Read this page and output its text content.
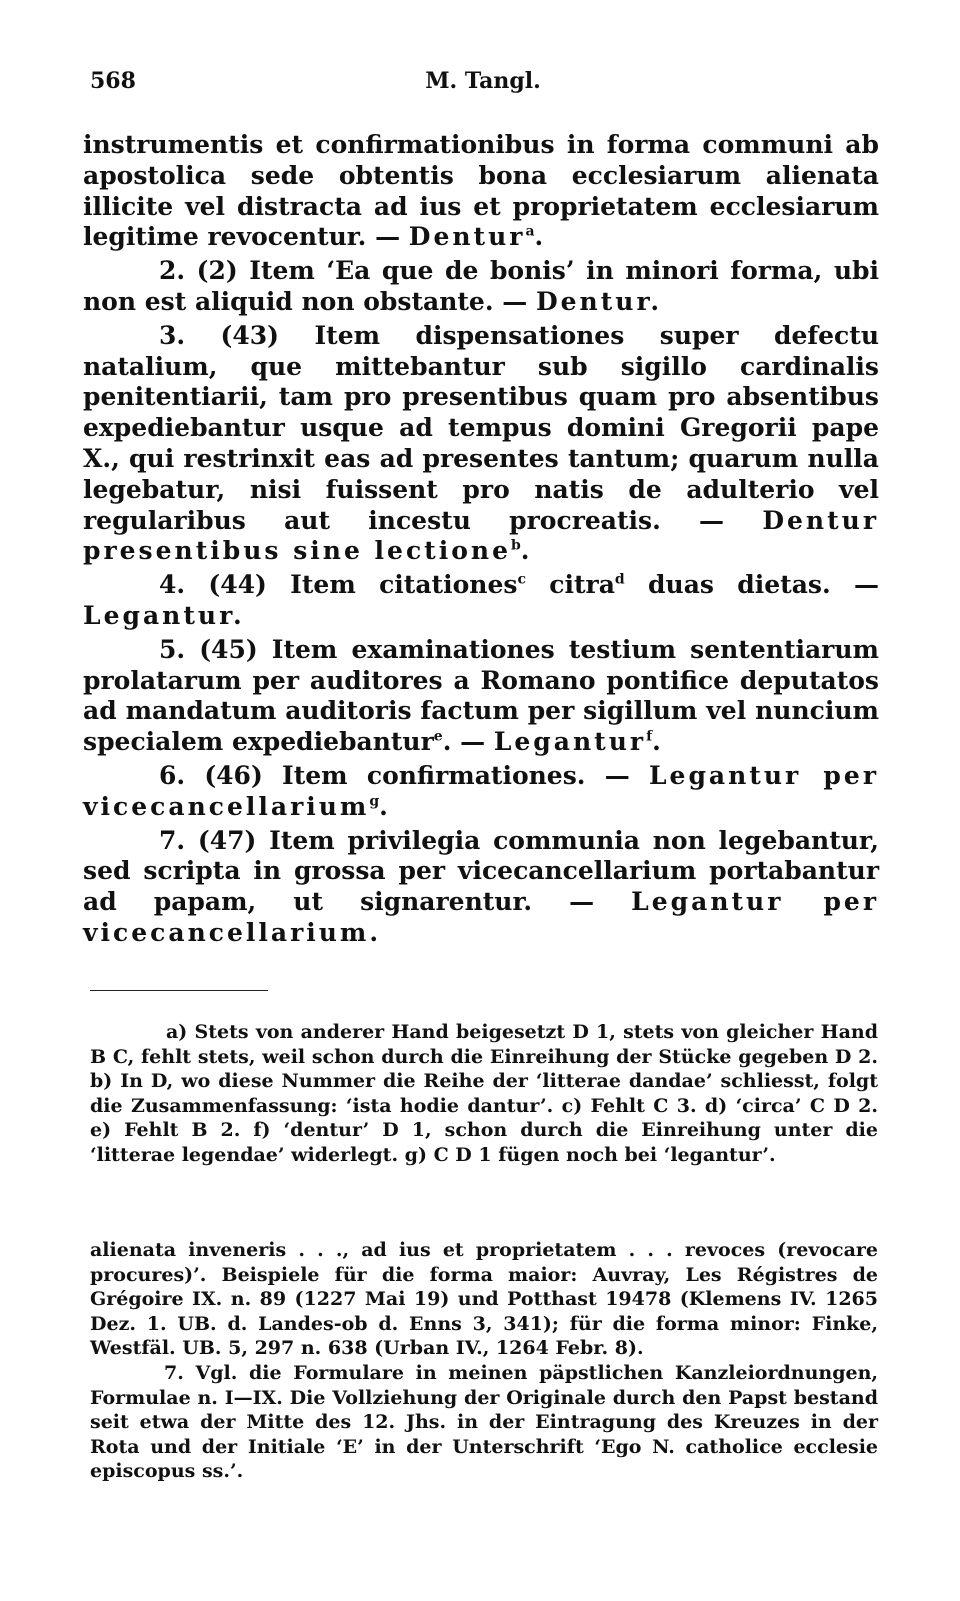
568	M. Tangl.

instrumentis et confirmationibus in forma communi ab apostolica sede obtentis bona ecclesiarum alienata illicite vel distracta ad ius et proprietatem ecclesiarum legitime revocentur. — Dentur$^a$.

2. (2) Item ‘Ea que de bonis’ in minori forma, ubi non est aliquid non obstante. — Dentur.

3. (43) Item dispensationes super defectu natalium, que mittebantur sub sigillo cardinalis penitentiarii, tam pro presentibus quam pro absentibus expediebantur usque ad tempus domini Gregorii pape X., qui restrinxit eas ad presentes tantum; quarum nulla legebatur, nisi fuissent pro natis de adulterio vel regularibus aut incestu procreatis. — Dentur presentibus sine lectione$^b$.

4. (44) Item citationes$^c$ citra$^d$ duas dietas. — Legantur.

5. (45) Item examinationes testium sententiarum prolatarum per auditores a Romano pontifice deputatos ad mandatum auditoris factum per sigillum vel nuncium specialem expediebantur$^e$. — Legantur$^f$.

6. (46) Item confirmationes. — Legantur per vicecancellarium$^g$.

7. (47) Item privilegia communia non legebantur, sed scripta in grossa per vicecancellarium portabantur ad papam, ut signarentur. — Legantur per vicecancellarium.

a) Stets von anderer Hand beigesetzt D 1, stets von gleicher Hand B C, fehlt stets, weil schon durch die Einreihung der Stücke gegeben D 2. b) In D, wo diese Nummer die Reihe der ‘litterae dandae’ schliesst, folgt die Zusammenfassung: ‘ista hodie dantur’. c) Fehlt C 3. d) ‘circa’ C D 2. e) Fehlt B 2. f) ‘dentur’ D 1, schon durch die Einreihung unter die ‘litterae legendae’ widerlegt. g) C D 1 fügen noch bei ‘legantur’.

alienata inveneris . . ., ad ius et proprietatem . . . revoces (revocare procures)’. Beispiele für die forma maior: Auvray, Les Régistres de Grégoire IX. n. 89 (1227 Mai 19) und Potthast 19478 (Klemens IV. 1265 Dez. 1. UB. d. Landes-ob d. Enns 3, 341); für die forma minor: Finke, Westfäl. UB. 5, 297 n. 638 (Urban IV., 1264 Febr. 8).

7. Vgl. die Formulare in meinen päpstlichen Kanzleiordnungen, Formulae n. I—IX. Die Vollziehung der Originale durch den Papst bestand seit etwa der Mitte des 12. Jhs. in der Eintragung des Kreuzes in der Rota und der Initiale ‘E’ in der Unterschrift ‘Ego N. catholice ecclesie episcopus ss.’.
